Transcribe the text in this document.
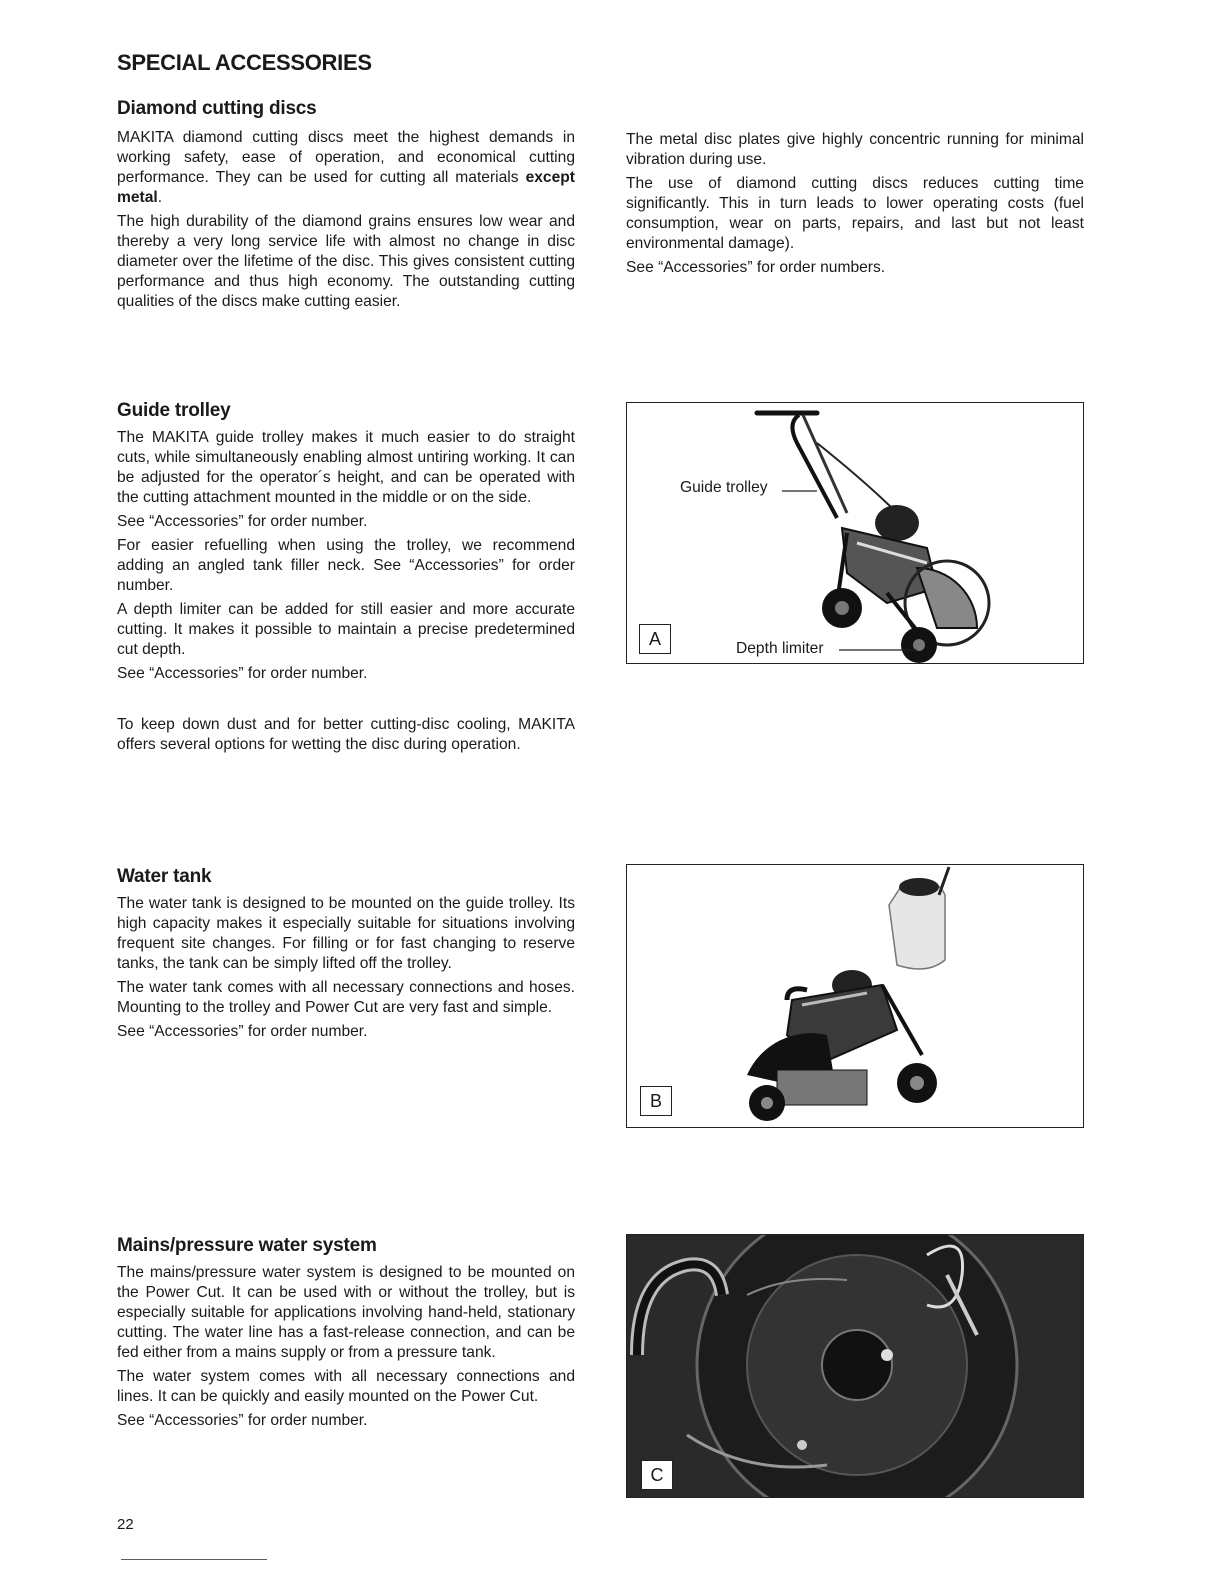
SPECIAL ACCESSORIES
Diamond cutting discs

MAKITA diamond cutting discs meet the highest demands in working safety, ease of operation, and economical cutting performance. They can be used for cutting all materials except metal.

The high durability of the diamond grains ensures low wear and thereby a very long service life with almost no change in disc diameter over the lifetime of the disc. This gives consistent cutting performance and thus high economy. The outstanding cutting qualities of the discs make cutting easier.

The metal disc plates give highly concentric running for minimal vibration during use.

The use of diamond cutting discs reduces cutting time significantly. This in turn leads to lower operating costs (fuel consumption, wear on parts, repairs, and last but not least environmental damage).

See “Accessories” for order numbers.

Guide trolley

The MAKITA guide trolley makes it much easier to do straight cuts, while simultaneously enabling almost untiring working. It can be adjusted for the operator´s height, and can be operated with the cutting attachment mounted in the middle or on the side.

See “Accessories” for order number.

For easier refuelling when using the trolley, we recommend adding an angled tank filler neck. See “Accessories” for order number.

A depth limiter can be added for still easier and more accurate cutting. It makes it possible to maintain a precise predetermined cut depth.

See “Accessories” for order number.

To keep down dust and for better cutting-disc cooling, MAKITA offers several options for wetting the disc during operation.

Guide trolley
Depth limiter
A
Water tank

The water tank is designed to be mounted on the guide trolley. Its high capacity makes it especially suitable for situations involving frequent site changes. For filling or for fast changing to reserve tanks, the tank can be simply lifted off the trolley.

The water tank comes with all necessary connections and hoses. Mounting to the trolley and Power Cut are very fast and simple.

See “Accessories” for order number.

B
Mains/pressure water system

The mains/pressure water system is designed to be mounted on the Power Cut. It can be used with or without the trolley, but is especially suitable for applications involving hand-held, stationary cutting. The water line has a fast-release connection, and can be fed either from a mains supply or from a pressure tank.

The water system comes with all necessary connections and lines. It can be quickly and easily mounted on the Power Cut.

See “Accessories” for order number.

C
22
